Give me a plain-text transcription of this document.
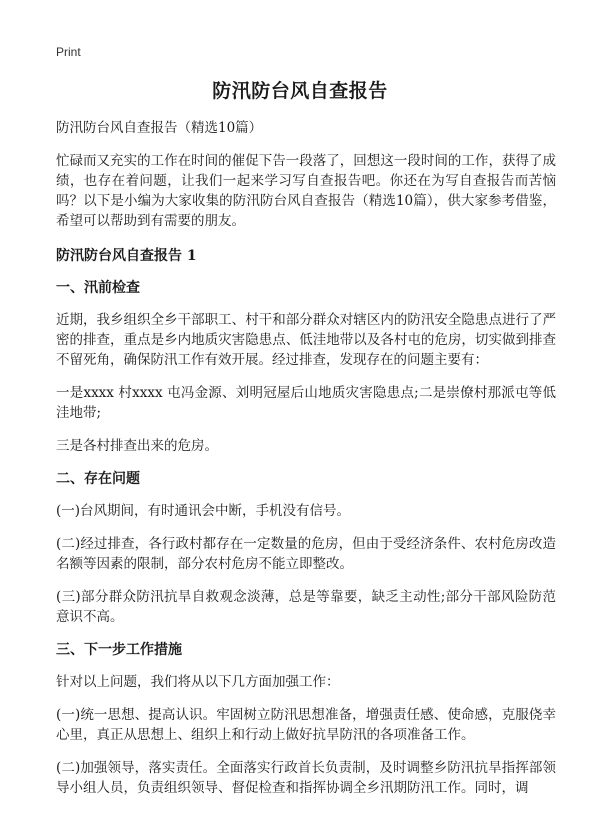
Print
防汛防台风自查报告

防汛防台风自查报告（精选10篇）

忙碌而又充实的工作在时间的催促下告一段落了，回想这一段时间的工作，获得了成绩，也存在着问题，让我们一起来学习写自查报告吧。你还在为写自查报告而苦恼吗？以下是小编为大家收集的防汛防台风自查报告（精选10篇），供大家参考借鉴，希望可以帮助到有需要的朋友。

防汛防台风自查报告 1

一、汛前检查

近期，我乡组织全乡干部职工、村干和部分群众对辖区内的防汛安全隐患点进行了严密的排查，重点是乡内地质灾害隐患点、低洼地带以及各村屯的危房，切实做到排查不留死角，确保防汛工作有效开展。经过排查，发现存在的问题主要有：

一是xxxx 村xxxx 屯冯金源、刘明冠屋后山地质灾害隐患点;二是崇僚村那派屯等低洼地带;

三是各村排查出来的危房。

二、存在问题

(一)台风期间，有时通讯会中断，手机没有信号。

(二)经过排查，各行政村都存在一定数量的危房，但由于受经济条件、农村危房改造名额等因素的限制，部分农村危房不能立即整改。

(三)部分群众防汛抗旱自救观念淡薄，总是等靠要，缺乏主动性;部分干部风险防范意识不高。

三、下一步工作措施

针对以上问题，我们将从以下几方面加强工作：

(一)统一思想、提高认识。牢固树立防汛思想准备，增强责任感、使命感，克服侥幸心里，真正从思想上、组织上和行动上做好抗旱防汛的各项准备工作。

(二)加强领导，落实责任。全面落实行政首长负责制，及时调整乡防汛抗旱指挥部领导小组人员，负责组织领导、督促检查和指挥协调全乡汛期防汛工作。同时，调
